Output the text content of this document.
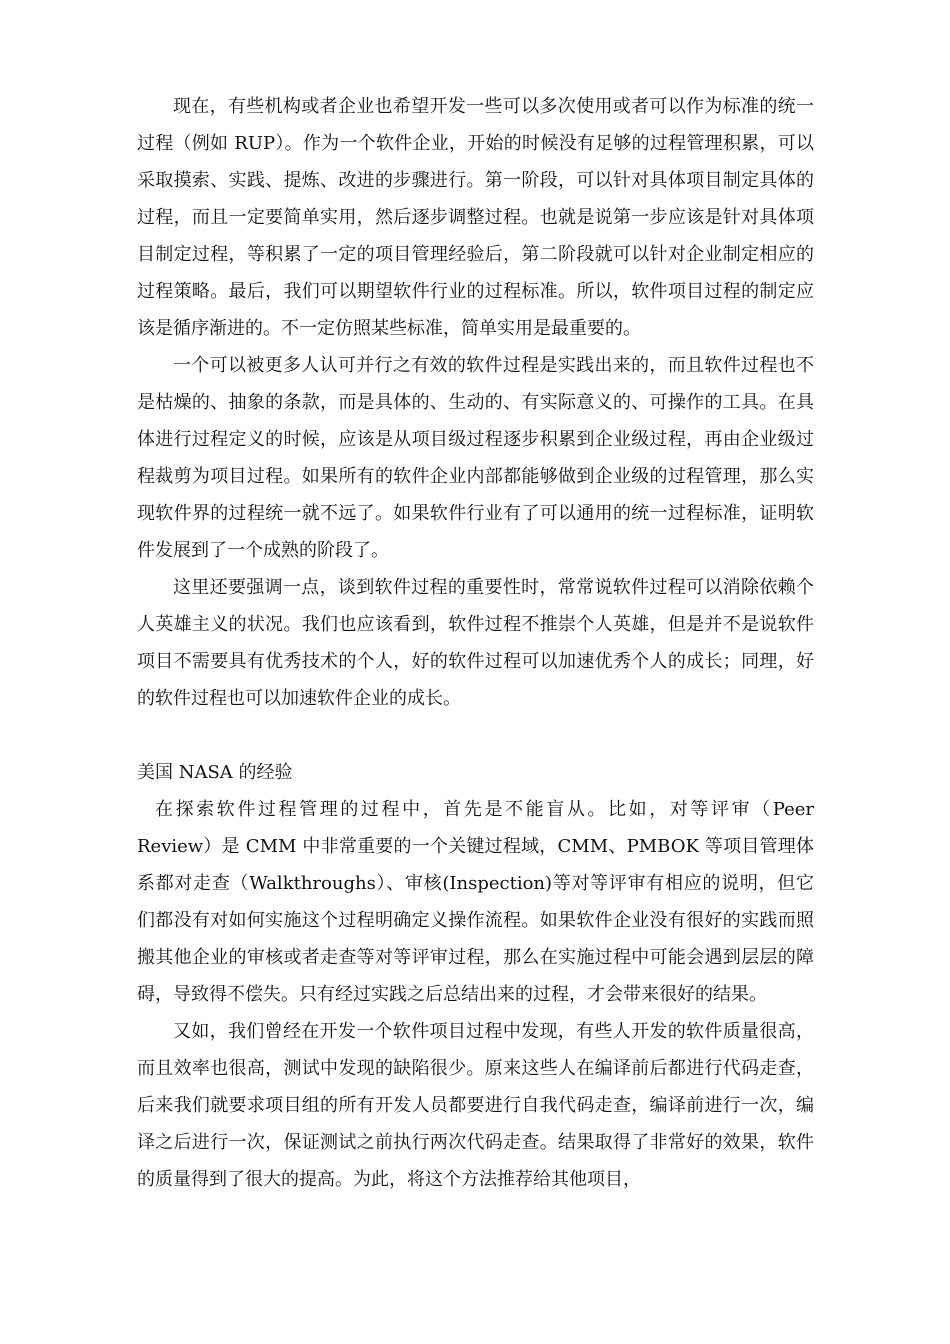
现在，有些机构或者企业也希望开发一些可以多次使用或者可以作为标准的统一过程（例如 RUP）。作为一个软件企业，开始的时候没有足够的过程管理积累，可以采取摸索、实践、提炼、改进的步骤进行。第一阶段，可以针对具体项目制定具体的过程，而且一定要简单实用，然后逐步调整过程。也就是说第一步应该是针对具体项目制定过程，等积累了一定的项目管理经验后，第二阶段就可以针对企业制定相应的过程策略。最后，我们可以期望软件行业的过程标准。所以，软件项目过程的制定应该是循序渐进的。不一定仿照某些标准，简单实用是最重要的。

一个可以被更多人认可并行之有效的软件过程是实践出来的，而且软件过程也不是枯燥的、抽象的条款，而是具体的、生动的、有实际意义的、可操作的工具。在具体进行过程定义的时候，应该是从项目级过程逐步积累到企业级过程，再由企业级过程裁剪为项目过程。如果所有的软件企业内部都能够做到企业级的过程管理，那么实现软件界的过程统一就不远了。如果软件行业有了可以通用的统一过程标准，证明软件发展到了一个成熟的阶段了。

这里还要强调一点，谈到软件过程的重要性时，常常说软件过程可以消除依赖个人英雄主义的状况。我们也应该看到，软件过程不推崇个人英雄，但是并不是说软件项目不需要具有优秀技术的个人，好的软件过程可以加速优秀个人的成长；同理，好的软件过程也可以加速软件企业的成长。

美国 NASA 的经验

在探索软件过程管理的过程中，首先是不能盲从。比如，对等评审（Peer Review）是 CMM 中非常重要的一个关键过程域，CMM、PMBOK 等项目管理体系都对走查（Walkthroughs）、审核(Inspection)等对等评审有相应的说明，但它们都没有对如何实施这个过程明确定义操作流程。如果软件企业没有很好的实践而照搬其他企业的审核或者走查等对等评审过程，那么在实施过程中可能会遇到层层的障碍，导致得不偿失。只有经过实践之后总结出来的过程，才会带来很好的结果。

又如，我们曾经在开发一个软件项目过程中发现，有些人开发的软件质量很高，而且效率也很高，测试中发现的缺陷很少。原来这些人在编译前后都进行代码走查，后来我们就要求项目组的所有开发人员都要进行自我代码走查，编译前进行一次，编译之后进行一次，保证测试之前执行两次代码走查。结果取得了非常好的效果，软件的质量得到了很大的提高。为此，将这个方法推荐给其他项目，
